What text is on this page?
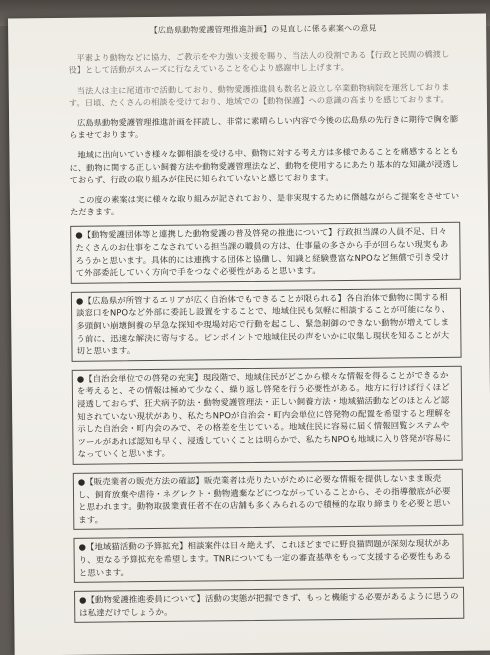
【広島県動物愛護管理推進計画】の見直しに係る素案への意見

平素より動物などに協力、ご教示をや力強い支援を賜り、当法人の役割である【行政と民間の橋渡し役】として活動がスムーズに行なえていることを心より感謝申し上げます。

当法人は主に尾道市で活動しており、動物愛護推進員も数名と設立し卒業動物病院を運営しております。日頃、たくさんの相談を受けており、地域での【動物保護】への意識の高まりを感じております。

広島県動物愛護管理推進計画を拝読し、非常に素晴らしい内容で今後の広島県の先行きに期待で胸を膨らませております。

地域に出向いていき様々な御相談を受ける中、動物に対する考え方は多様であることを痛感するとともに、動物に関する正しい飼養方法や動物愛護管理法など、動物を使用するにあたり基本的な知識が浸透しておらず、行政の取り組みが住民に知られていないと感じております。

この度の素案は実に様々な取り組みが記されており、是非実現するために僭越ながらご提案をさせていただきます。

●【動物愛護団体等と連携した動物愛護の普及啓発の推進について】行政担当課の人員不足、日々たくさんのお仕事をこなされている担当課の職員の方は、仕事量の多さから手が回らない現実もあろうかと思います。具体的には連携する団体と協働し、知識と経験豊富なNPOなど無償で引き受けて外部委託していく方向で手をつなぐ必要性があると思います。
●【広島県が所管するエリアが広く自治体でもできることが限られる】各自治体で動物に関する相談窓口をNPOなど外部に委託し設置をすることで、地域住民も気軽に相談することが可能になり、多頭飼い崩壊飼養の早急な探知や現場対応で行動を起こし、緊急制御のできない動物が増えてしまう前に、迅速な解決に寄与する。ピンポイントで地域住民の声をいかに収集し現状を知ることが大切と思います。
●【自治会単位での啓発の充実】現段階で、地域住民がどこから様々な情報を得ることができるかを考えると、その情報は極めて少なく、繰り返し啓発を行う必要性がある。地方に行けば行くほど浸透しておらず、狂犬病予防法・動物愛護管理法・正しい飼養方法・地域猫活動などのほとんど認知されていない現状があり、私たちNPOが自治会・町内会単位に啓発物の配置を希望すると理解を示した自治会・町内会のみで、その格差を生じている。地域住民に容易に届く情報回覧システムやツールがあれば認知も早く、浸透していくことは明らかで、私たちNPOも地域に入り啓発が容易になっていくと思います。
●【販売業者の販売方法の確認】販売業者は売りたいがために必要な情報を提供しないまま販売し、飼育放棄や虐待・ネグレクト・動物遺棄などにつながっていることから、その指導徹底が必要と思われます。動物取扱業責任者不在の店舗も多くみられるので積極的な取り締まりを必要と思います。
●【地域猫活動の予算拡充】相談案件は日々絶えず、これほどまでに野良猫問題が深刻な現状があり、更なる予算拡充を希望します。TNRについても一定の審査基準をもって支援する必要性もあると思います。
●【動物愛護推進委員について】活動の実態が把握できず、もっと機能する必要があるように思うのは私達だけでしょうか。
